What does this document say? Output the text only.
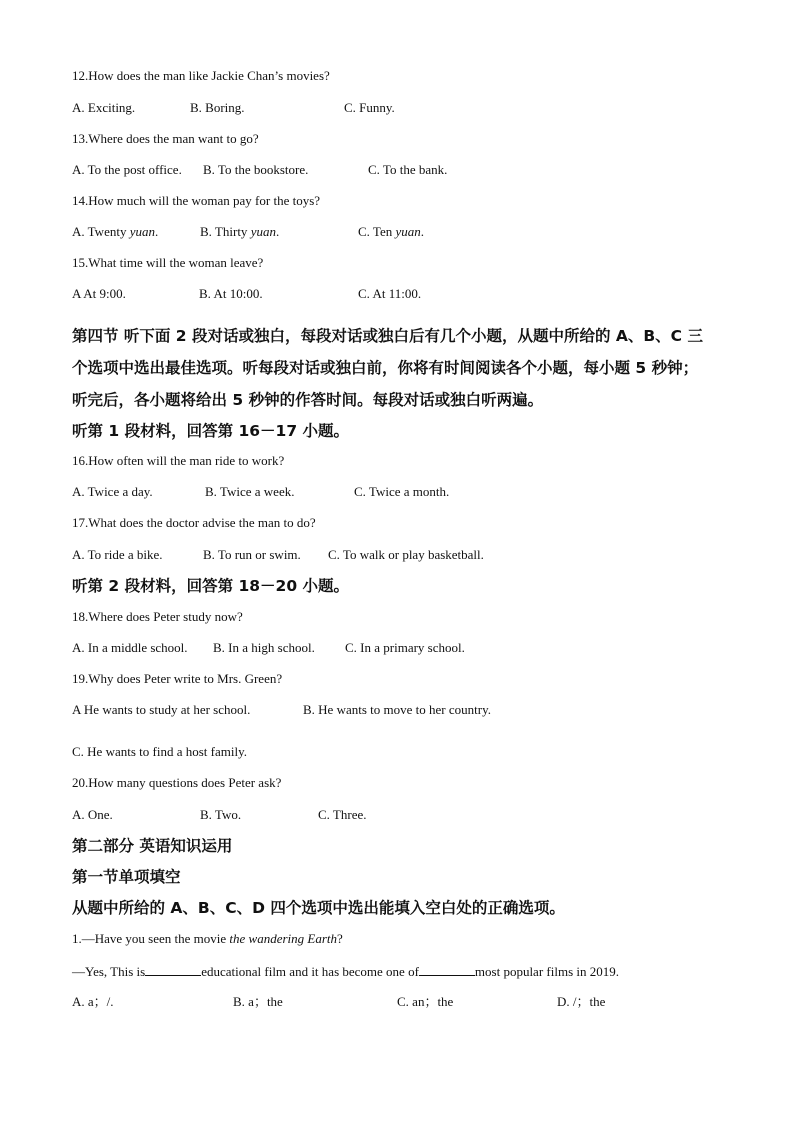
12.How does the man like Jackie Chan’s movies?
A. Exciting.	B. Boring.	C. Funny.
13.Where does the man want to go?
A. To the post office. B. To the bookstore.	C. To the bank.
14.How much will the woman pay for the toys?
A. Twenty yuan.	B. Thirty yuan.	C. Ten yuan.
15.What time will the woman leave?
A At 9:00.	B. At 10:00.	C. At 11:00.
第四节 听下面 2 段对话或独白，每段对话或独白后有几个小题，从题中所给的 A、B、C 三
个选项中选出最佳选项。听每段对话或独白前，你将有时间阅读各个小题，每小题 5 秒钟；
听完后，各小题将给出 5 秒钟的作答时间。每段对话或独白听两遍。
听第 1 段材料，回答第 16－17 小题。
16.How often will the man ride to work?
A. Twice a day.	B. Twice a week.	C. Twice a month.
17.What does the doctor advise the man to do?
A. To ride a bike.	B. To run or swim. C. To walk or play basketball.
听第 2 段材料，回答第 18－20 小题。
18.Where does Peter study now?
A. In a middle school. B. In a high school. C. In a primary school.
19.Why does Peter write to Mrs. Green?
A He wants to study at her school.	B. He wants to move to her country.
C. He wants to find a host family.
20.How many questions does Peter ask?
A. One.	B. Two.	C. Three.
第二部分 英语知识运用
第一节单项填空
从题中所给的 A、B、C、D 四个选项中选出能填入空白处的正确选项。
1.—Have you seen the movie the wandering Earth?
—Yes, This is	educational film and it has become one of	most popular films in 2019.
A. a；/.	B. a；the	C. an；the	D. /；the
